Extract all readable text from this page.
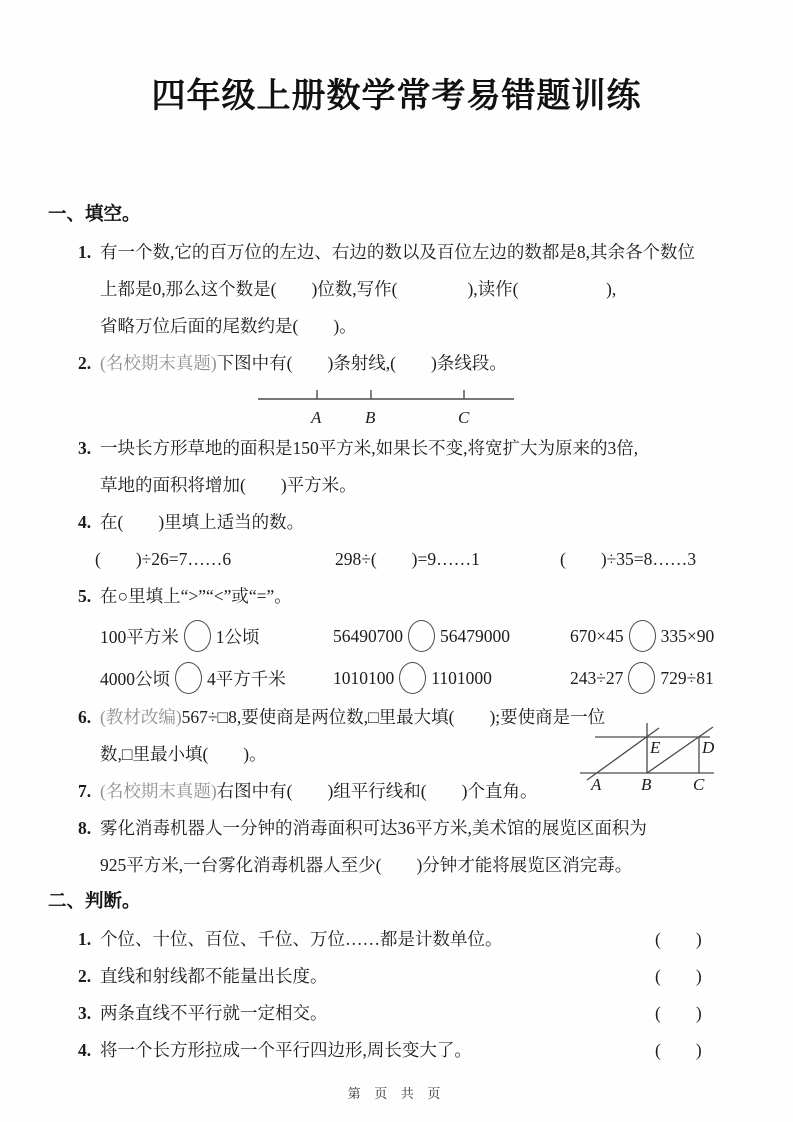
四年级上册数学常考易错题训练
一、填空。
1. 有一个数,它的百万位的左边、右边的数以及百位左边的数都是8,其余各个数位
上都是0,那么这个数是(　　)位数,写作(　　　　),读作(　　　　　),
省略万位后面的尾数约是(　　)。
2. (名校期末真题)下图中有(　　)条射线,(　　)条线段。
A	B	C
3. 一块长方形草地的面积是150平方米,如果长不变,将宽扩大为原来的3倍,
草地的面积将增加(　　)平方米。
4. 在(　　)里填上适当的数。
(　　)÷26=7……6	298÷(　　)=9……1	(　　)÷35=8……3
5. 在○里填上“>”“<”或“=”。
100平方米 1公顷	56490700 56479000	670×45 335×90
4000公顷 4平方千米	1010100 1101000	243÷27 729÷81
6. (教材改编)567÷□8,要使商是两位数,□里最大填(　　);要使商是一位
数,□里最小填(　　)。
7. (名校期末真题)右图中有(　　)组平行线和(　　)个直角。	A B C
E D
8. 雾化消毒机器人一分钟的消毒面积可达36平方米,美术馆的展览区面积为
925平方米,一台雾化消毒机器人至少(　　)分钟才能将展览区消完毒。
二、判断。
1. 个位、十位、百位、千位、万位……都是计数单位。	(　　)
2. 直线和射线都不能量出长度。	(　　)
3. 两条直线不平行就一定相交。	(　　)
4. 将一个长方形拉成一个平行四边形,周长变大了。	(　　)
第 页 共 页
